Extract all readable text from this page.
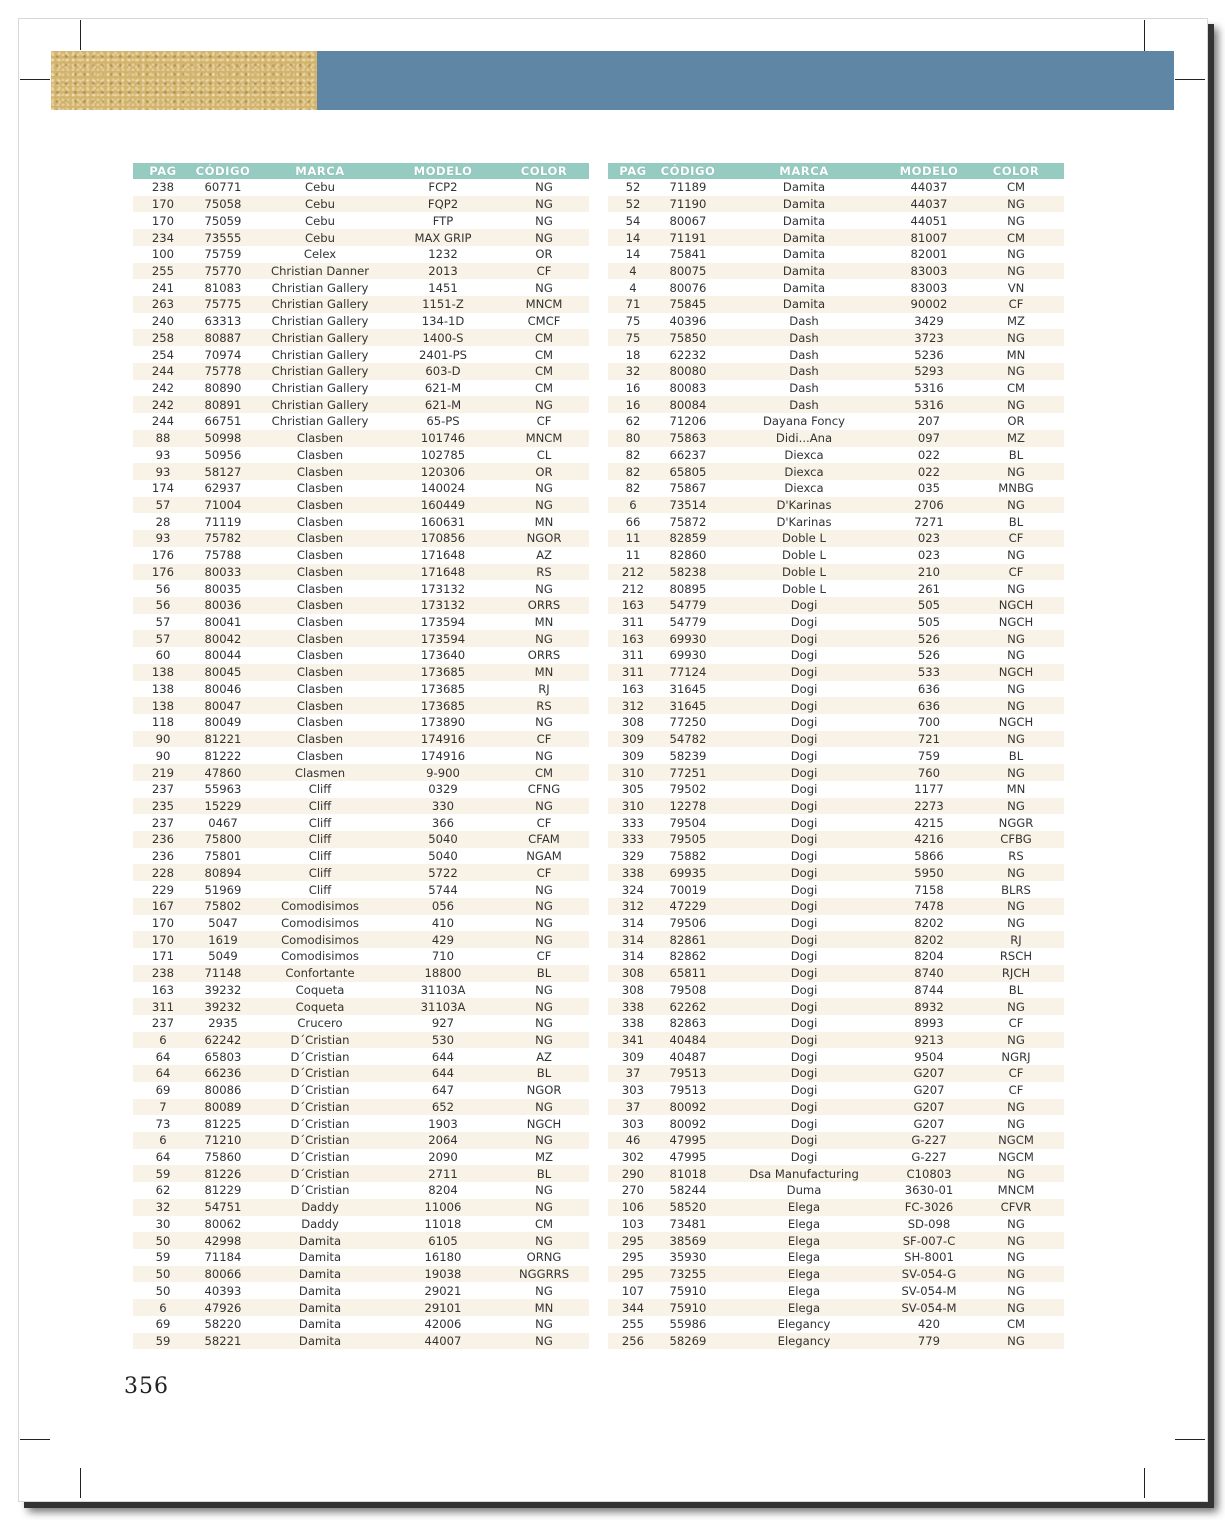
PAG	CÓDIGO	MARCA	MODELO	COLOR
238	60771	Cebu	FCP2	NG
170	75058	Cebu	FQP2	NG
170	75059	Cebu	FTP	NG
234	73555	Cebu	MAX GRIP	NG
100	75759	Celex	1232	OR
255	75770	Christian Danner	2013	CF
241	81083	Christian Gallery	1451	NG
263	75775	Christian Gallery	1151-Z	MNCM
240	63313	Christian Gallery	134-1D	CMCF
258	80887	Christian Gallery	1400-S	CM
254	70974	Christian Gallery	2401-PS	CM
244	75778	Christian Gallery	603-D	CM
242	80890	Christian Gallery	621-M	CM
242	80891	Christian Gallery	621-M	NG
244	66751	Christian Gallery	65-PS	CF
88	50998	Clasben	101746	MNCM
93	50956	Clasben	102785	CL
93	58127	Clasben	120306	OR
174	62937	Clasben	140024	NG
57	71004	Clasben	160449	NG
28	71119	Clasben	160631	MN
93	75782	Clasben	170856	NGOR
176	75788	Clasben	171648	AZ
176	80033	Clasben	171648	RS
56	80035	Clasben	173132	NG
56	80036	Clasben	173132	ORRS
57	80041	Clasben	173594	MN
57	80042	Clasben	173594	NG
60	80044	Clasben	173640	ORRS
138	80045	Clasben	173685	MN
138	80046	Clasben	173685	RJ
138	80047	Clasben	173685	RS
118	80049	Clasben	173890	NG
90	81221	Clasben	174916	CF
90	81222	Clasben	174916	NG
219	47860	Clasmen	9-900	CM
237	55963	Cliff	0329	CFNG
235	15229	Cliff	330	NG
237	0467	Cliff	366	CF
236	75800	Cliff	5040	CFAM
236	75801	Cliff	5040	NGAM
228	80894	Cliff	5722	CF
229	51969	Cliff	5744	NG
167	75802	Comodisimos	056	NG
170	5047	Comodisimos	410	NG
170	1619	Comodisimos	429	NG
171	5049	Comodisimos	710	CF
238	71148	Confortante	18800	BL
163	39232	Coqueta	31103A	NG
311	39232	Coqueta	31103A	NG
237	2935	Crucero	927	NG
6	62242	D´Cristian	530	NG
64	65803	D´Cristian	644	AZ
64	66236	D´Cristian	644	BL
69	80086	D´Cristian	647	NGOR
7	80089	D´Cristian	652	NG
73	81225	D´Cristian	1903	NGCH
6	71210	D´Cristian	2064	NG
64	75860	D´Cristian	2090	MZ
59	81226	D´Cristian	2711	BL
62	81229	D´Cristian	8204	NG
32	54751	Daddy	11006	NG
30	80062	Daddy	11018	CM
50	42998	Damita	6105	NG
59	71184	Damita	16180	ORNG
50	80066	Damita	19038	NGGRRS
50	40393	Damita	29021	NG
6	47926	Damita	29101	MN
69	58220	Damita	42006	NG
59	58221	Damita	44007	NG
PAG	CÓDIGO	MARCA	MODELO	COLOR
52	71189	Damita	44037	CM
52	71190	Damita	44037	NG
54	80067	Damita	44051	NG
14	71191	Damita	81007	CM
14	75841	Damita	82001	NG
4	80075	Damita	83003	NG
4	80076	Damita	83003	VN
71	75845	Damita	90002	CF
75	40396	Dash	3429	MZ
75	75850	Dash	3723	NG
18	62232	Dash	5236	MN
32	80080	Dash	5293	NG
16	80083	Dash	5316	CM
16	80084	Dash	5316	NG
62	71206	Dayana Foncy	207	OR
80	75863	Didi...Ana	097	MZ
82	66237	Diexca	022	BL
82	65805	Diexca	022	NG
82	75867	Diexca	035	MNBG
6	73514	D'Karinas	2706	NG
66	75872	D'Karinas	7271	BL
11	82859	Doble L	023	CF
11	82860	Doble L	023	NG
212	58238	Doble L	210	CF
212	80895	Doble L	261	NG
163	54779	Dogi	505	NGCH
311	54779	Dogi	505	NGCH
163	69930	Dogi	526	NG
311	69930	Dogi	526	NG
311	77124	Dogi	533	NGCH
163	31645	Dogi	636	NG
312	31645	Dogi	636	NG
308	77250	Dogi	700	NGCH
309	54782	Dogi	721	NG
309	58239	Dogi	759	BL
310	77251	Dogi	760	NG
305	79502	Dogi	1177	MN
310	12278	Dogi	2273	NG
333	79504	Dogi	4215	NGGR
333	79505	Dogi	4216	CFBG
329	75882	Dogi	5866	RS
338	69935	Dogi	5950	NG
324	70019	Dogi	7158	BLRS
312	47229	Dogi	7478	NG
314	79506	Dogi	8202	NG
314	82861	Dogi	8202	RJ
314	82862	Dogi	8204	RSCH
308	65811	Dogi	8740	RJCH
308	79508	Dogi	8744	BL
338	62262	Dogi	8932	NG
338	82863	Dogi	8993	CF
341	40484	Dogi	9213	NG
309	40487	Dogi	9504	NGRJ
37	79513	Dogi	G207	CF
303	79513	Dogi	G207	CF
37	80092	Dogi	G207	NG
303	80092	Dogi	G207	NG
46	47995	Dogi	G-227	NGCM
302	47995	Dogi	G-227	NGCM
290	81018	Dsa Manufacturing	C10803	NG
270	58244	Duma	3630-01	MNCM
106	58520	Elega	FC-3026	CFVR
103	73481	Elega	SD-098	NG
295	38569	Elega	SF-007-C	NG
295	35930	Elega	SH-8001	NG
295	73255	Elega	SV-054-G	NG
107	75910	Elega	SV-054-M	NG
344	75910	Elega	SV-054-M	NG
255	55986	Elegancy	420	CM
256	58269	Elegancy	779	NG
356
